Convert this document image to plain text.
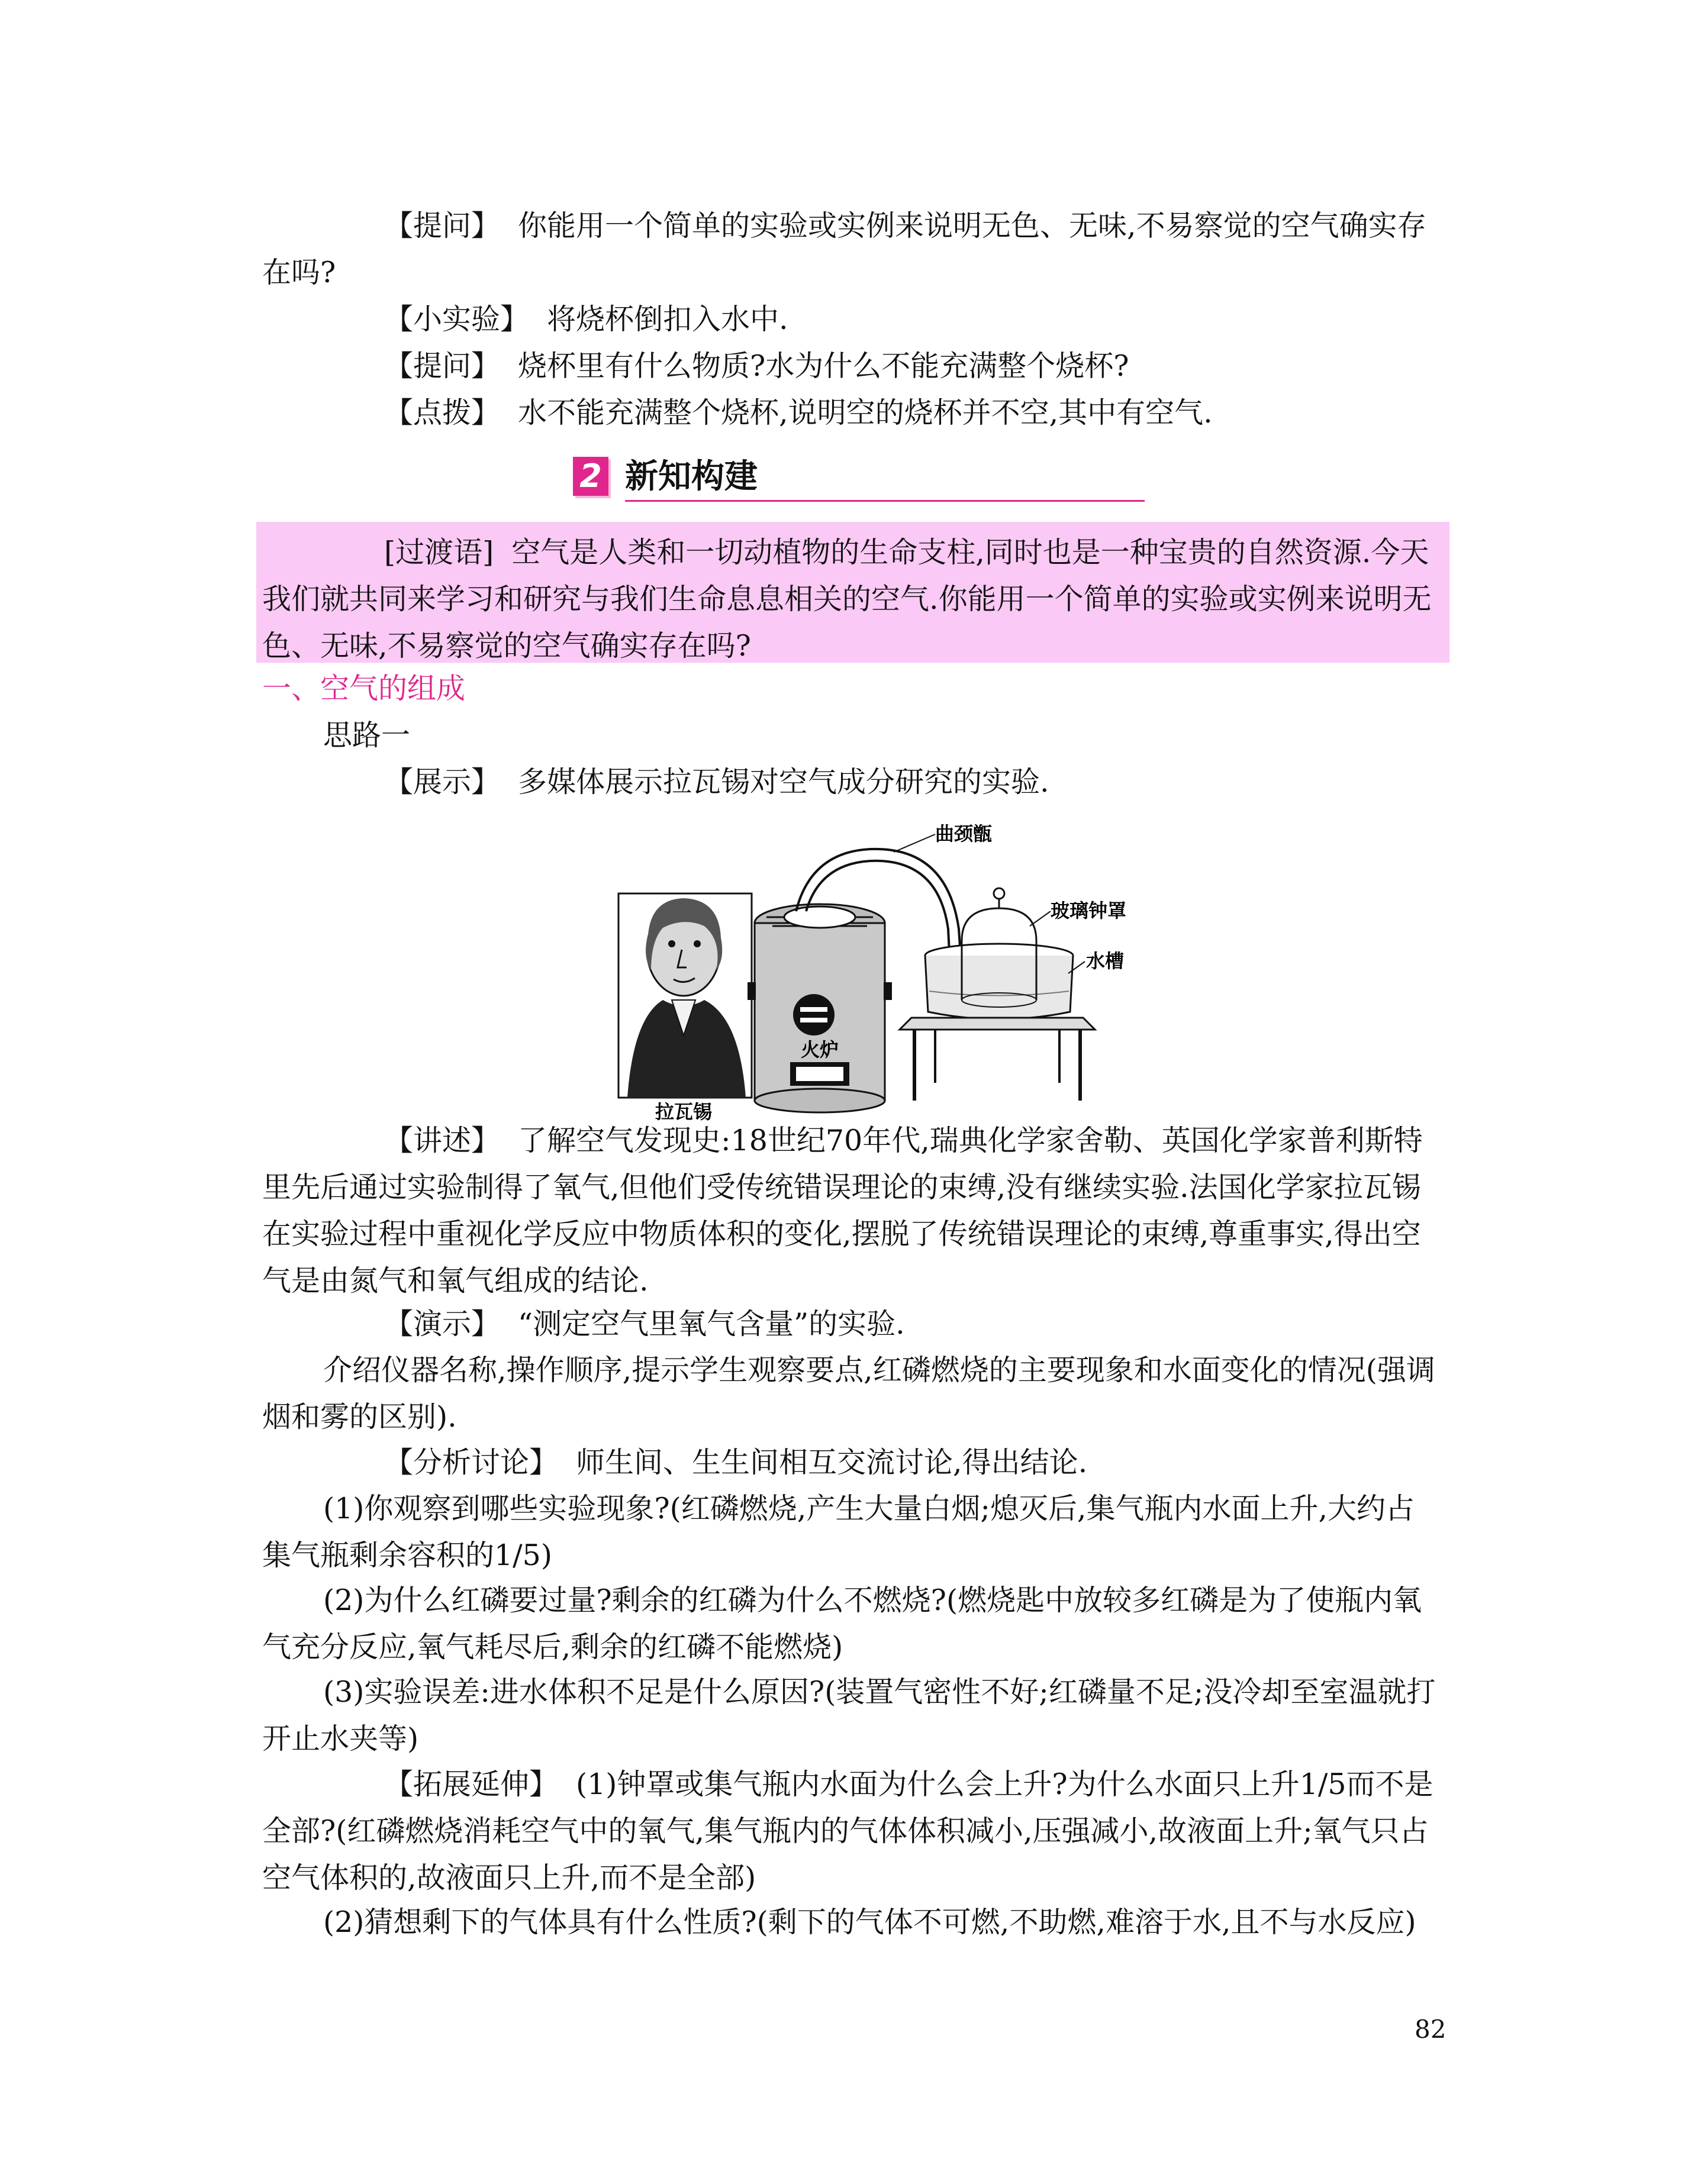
【提问】 你能用一个简单的实验或实例来说明无色、无味,不易察觉的空气确实存在吗?

【小实验】 将烧杯倒扣入水中.

【提问】 烧杯里有什么物质?水为什么不能充满整个烧杯?

【点拨】 水不能充满整个烧杯,说明空的烧杯并不空,其中有空气.

2 新知构建

[过渡语] 空气是人类和一切动植物的生命支柱,同时也是一种宝贵的自然资源.今天我们就共同来学习和研究与我们生命息息相关的空气.你能用一个简单的实验或实例来说明无色、无味,不易察觉的空气确实存在吗?

一、空气的组成

思路一

【展示】 多媒体展示拉瓦锡对空气成分研究的实验.

拉瓦锡
火炉
曲颈甑
玻璃钟罩
水槽

【讲述】 了解空气发现史:18世纪70年代,瑞典化学家舍勒、英国化学家普利斯特里先后通过实验制得了氧气,但他们受传统错误理论的束缚,没有继续实验.法国化学家拉瓦锡在实验过程中重视化学反应中物质体积的变化,摆脱了传统错误理论的束缚,尊重事实,得出空气是由氮气和氧气组成的结论.

【演示】 “测定空气里氧气含量”的实验.

介绍仪器名称,操作顺序,提示学生观察要点,红磷燃烧的主要现象和水面变化的情况(强调烟和雾的区别).

【分析讨论】 师生间、生生间相互交流讨论,得出结论.

(1)你观察到哪些实验现象?(红磷燃烧,产生大量白烟;熄灭后,集气瓶内水面上升,大约占集气瓶剩余容积的1/5)

(2)为什么红磷要过量?剩余的红磷为什么不燃烧?(燃烧匙中放较多红磷是为了使瓶内氧气充分反应,氧气耗尽后,剩余的红磷不能燃烧)

(3)实验误差:进水体积不足是什么原因?(装置气密性不好;红磷量不足;没冷却至室温就打开止水夹等)

【拓展延伸】 (1)钟罩或集气瓶内水面为什么会上升?为什么水面只上升1/5而不是全部?(红磷燃烧消耗空气中的氧气,集气瓶内的气体体积减小,压强减小,故液面上升;氧气只占空气体积的,故液面只上升,而不是全部)

(2)猜想剩下的气体具有什么性质?(剩下的气体不可燃,不助燃,难溶于水,且不与水反应)

82
